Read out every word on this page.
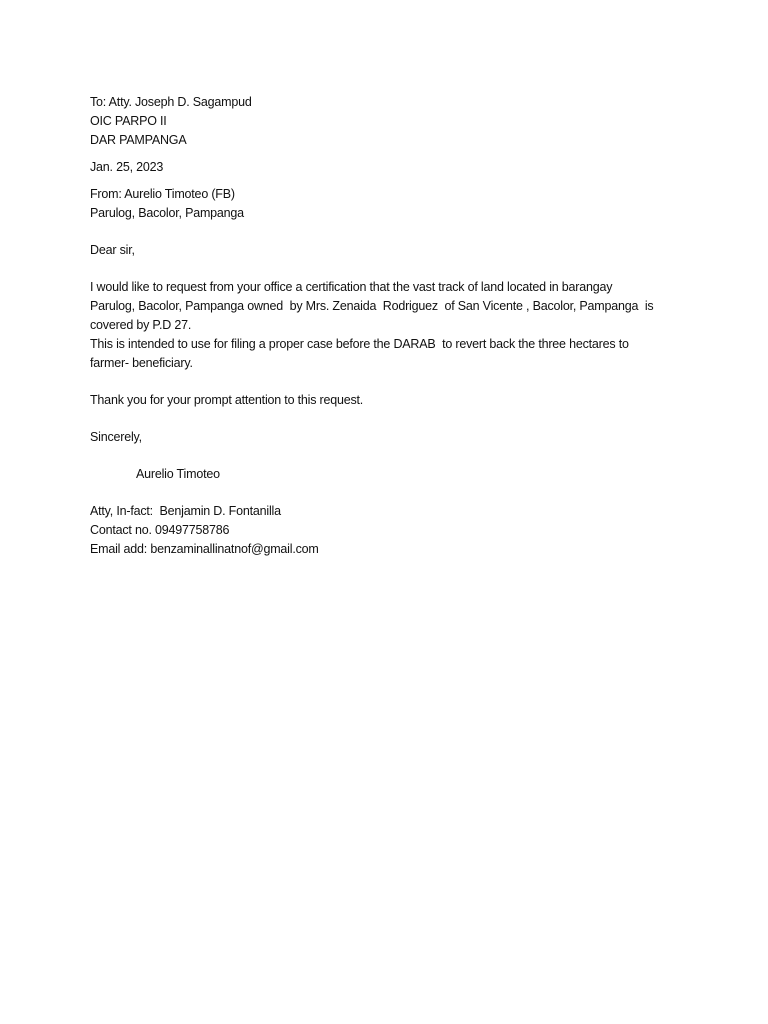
To: Atty. Joseph D. Sagampud
OIC PARPO II
DAR PAMPANGA
Jan. 25, 2023
From: Aurelio Timoteo (FB)
Parulog, Bacolor, Pampanga
Dear sir,
I would like to request from your office a certification that the vast track of land located in barangay
Parulog, Bacolor, Pampanga owned  by Mrs. Zenaida  Rodriguez  of San Vicente , Bacolor, Pampanga  is
covered by P.D 27.
This is intended to use for filing a proper case before the DARAB  to revert back the three hectares to
farmer- beneficiary.
Thank you for your prompt attention to this request.
Sincerely,
Aurelio Timoteo
Atty, In-fact:  Benjamin D. Fontanilla
Contact no. 09497758786
Email add: benzaminallinatnof@gmail.com
